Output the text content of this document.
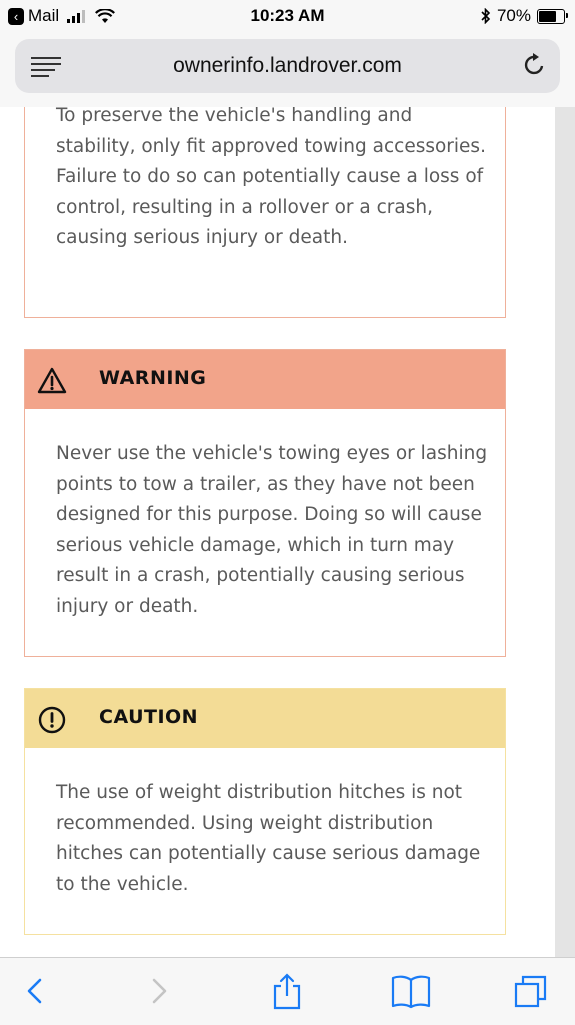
‹ Mail	10:23 AM	70%
ownerinfo.landrover.com

To preserve the vehicle's handling and stability, only fit approved towing accessories. Failure to do so can potentially cause a loss of control, resulting in a rollover or a crash, causing serious injury or death.

WARNING

Never use the vehicle's towing eyes or lashing points to tow a trailer, as they have not been designed for this purpose. Doing so will cause serious vehicle damage, which in turn may result in a crash, potentially causing serious injury or death.

CAUTION

The use of weight distribution hitches is not recommended. Using weight distribution hitches can potentially cause serious damage to the vehicle.
